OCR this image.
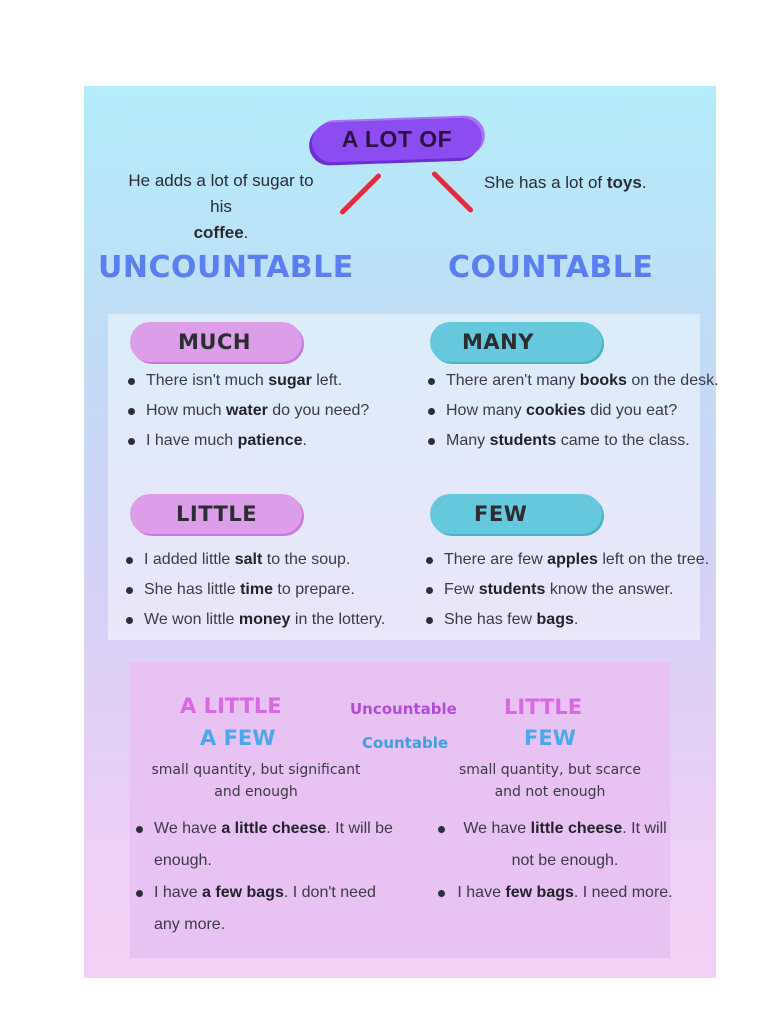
A LOT OF
He adds a lot of sugar to his
coffee.
She has a lot of toys.
UNCOUNTABLE	COUNTABLE
MUCH
There isn't much sugar left.
How much water do you need?
I have much patience.
MANY
There aren't many books on the desk.
How many cookies did you eat?
Many students came to the class.
LITTLE
I added little salt to the soup.
She has little time to prepare.
We won little money in the lottery.
FEW
There are few apples left on the tree.
Few students know the answer.
She has few bags.
A LITTLE
A FEW
Uncountable
Countable
LITTLE
FEW
small quantity, but significant
and enough
small quantity, but scarce
and not enough
We have a little cheese. It will be enough.
I have a few bags. I don't need any more.
We have little cheese. It will not be enough.
I have few bags. I need more.
